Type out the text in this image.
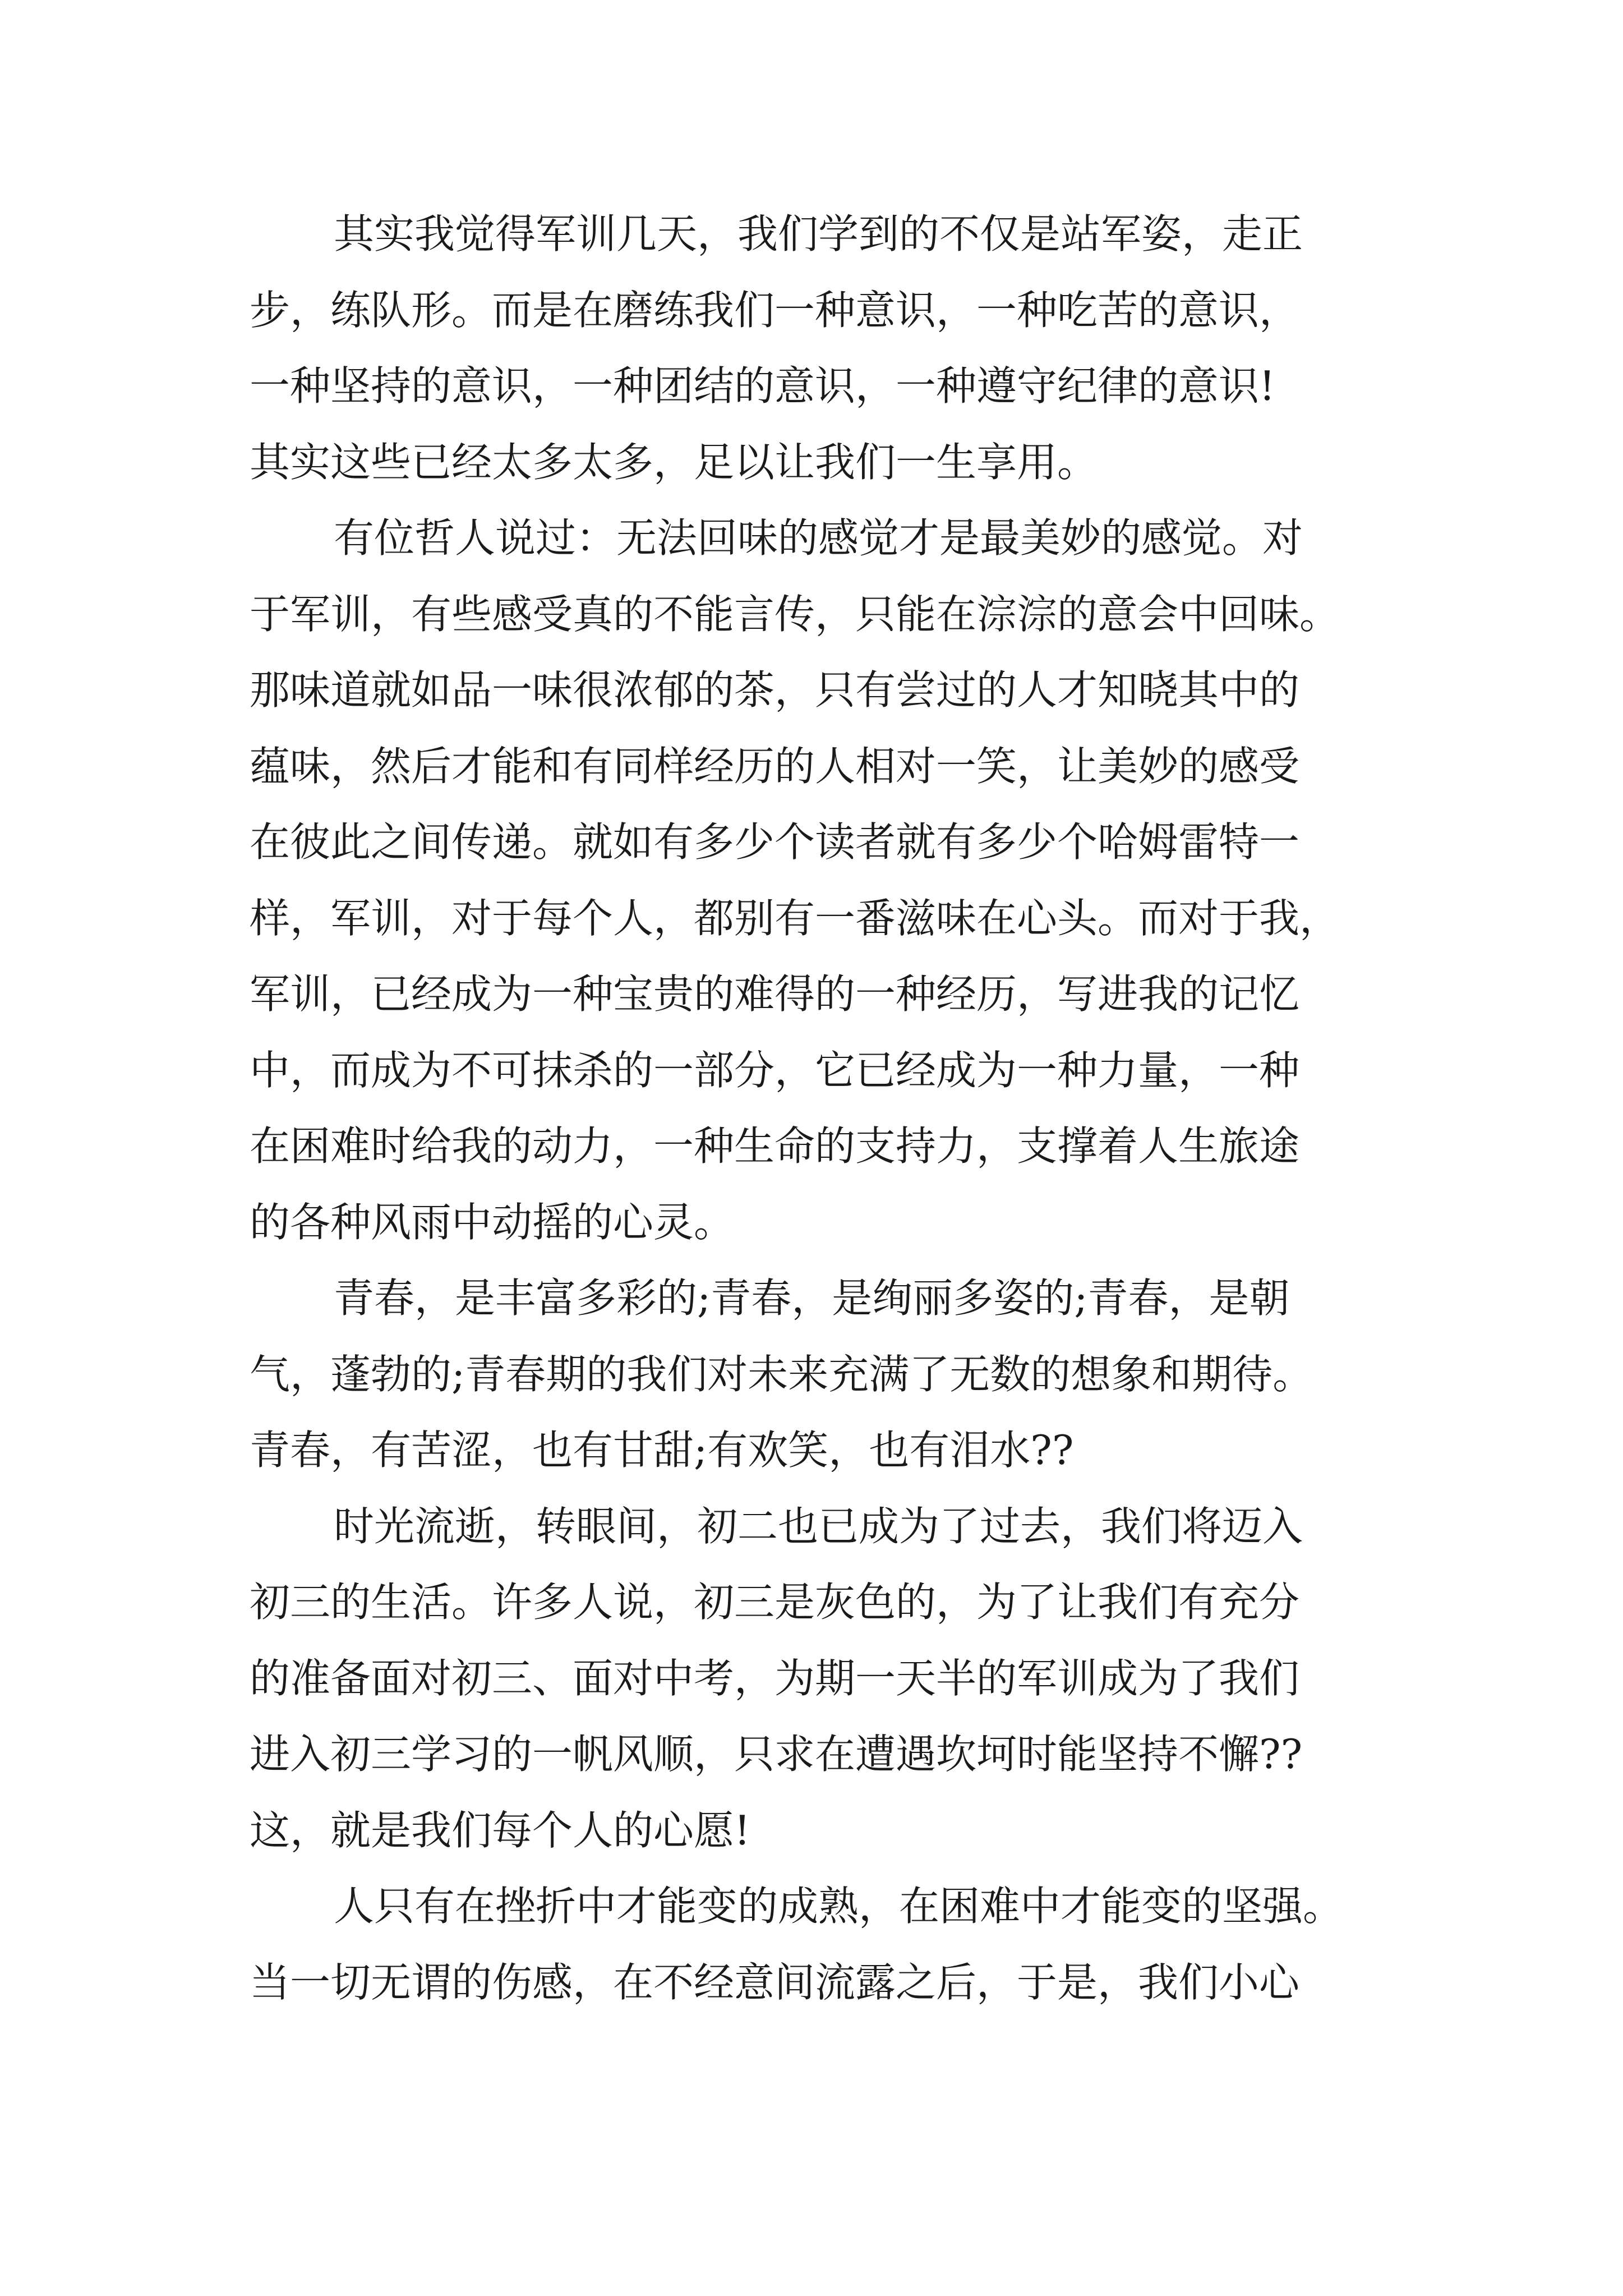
其实我觉得军训几天，我们学到的不仅是站军姿，走正
步，练队形。而是在磨练我们一种意识，一种吃苦的意识，
一种坚持的意识，一种团结的意识，一种遵守纪律的意识!
其实这些已经太多太多，足以让我们一生享用。
有位哲人说过：无法回味的感觉才是最美妙的感觉。对
于军训，有些感受真的不能言传，只能在淙淙的意会中回味。
那味道就如品一味很浓郁的茶，只有尝过的人才知晓其中的
蕴味，然后才能和有同样经历的人相对一笑，让美妙的感受
在彼此之间传递。就如有多少个读者就有多少个哈姆雷特一
样，军训，对于每个人，都别有一番滋味在心头。而对于我，
军训，已经成为一种宝贵的难得的一种经历，写进我的记忆
中，而成为不可抹杀的一部分，它已经成为一种力量，一种
在困难时给我的动力，一种生命的支持力，支撑着人生旅途
的各种风雨中动摇的心灵。
青春，是丰富多彩的;青春，是绚丽多姿的;青春，是朝
气，蓬勃的;青春期的我们对未来充满了无数的想象和期待。
青春，有苦涩，也有甘甜;有欢笑，也有泪水??
时光流逝，转眼间，初二也已成为了过去，我们将迈入
初三的生活。许多人说，初三是灰色的，为了让我们有充分
的准备面对初三、面对中考，为期一天半的军训成为了我们
进入初三学习的一帆风顺，只求在遭遇坎坷时能坚持不懈??
这，就是我们每个人的心愿!
人只有在挫折中才能变的成熟，在困难中才能变的坚强。
当一切无谓的伤感，在不经意间流露之后，于是，我们小心
